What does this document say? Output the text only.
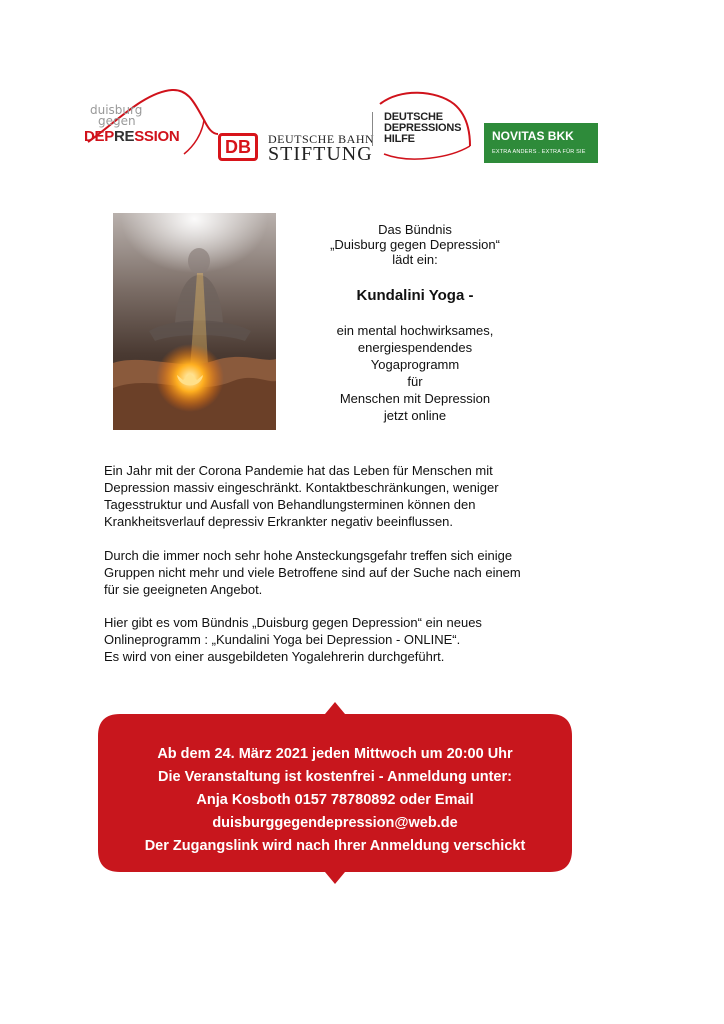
duisburg
gegen
DEPRESSION	DB	DEUTSCHE BAHN
STIFTUNG
DEUTSCHE
DEPRESSIONS
HILFE	NOVITAS BKK
EXTRA ANDERS . EXTRA FÜR SIE
Das Bündnis
„Duisburg gegen Depression“
lädt ein:
Kundalini Yoga -
ein mental hochwirksames,
energiespendendes
Yogaprogramm
für
Menschen mit Depression
jetzt online
Ein Jahr mit der Corona Pandemie hat das Leben für Menschen mit
Depression massiv eingeschränkt. Kontaktbeschränkungen, weniger
Tagesstruktur und Ausfall von Behandlungsterminen können den
Krankheitsverlauf depressiv Erkrankter negativ beeinflussen.
Durch die immer noch sehr hohe Ansteckungsgefahr treffen sich einige
Gruppen nicht mehr und viele Betroffene sind auf der Suche nach einem
für sie geeigneten Angebot.
Hier gibt es vom Bündnis „Duisburg gegen Depression“ ein neues
Onlineprogramm : „Kundalini Yoga bei Depression - ONLINE“.
Es wird von einer ausgebildeten Yogalehrerin durchgeführt.
Ab dem 24. März 2021 jeden Mittwoch um 20:00 Uhr
Die Veranstaltung ist kostenfrei - Anmeldung unter:
Anja Kosboth 0157 78780892 oder Email
duisburggegendepression@web.de
Der Zugangslink wird nach Ihrer Anmeldung verschickt
